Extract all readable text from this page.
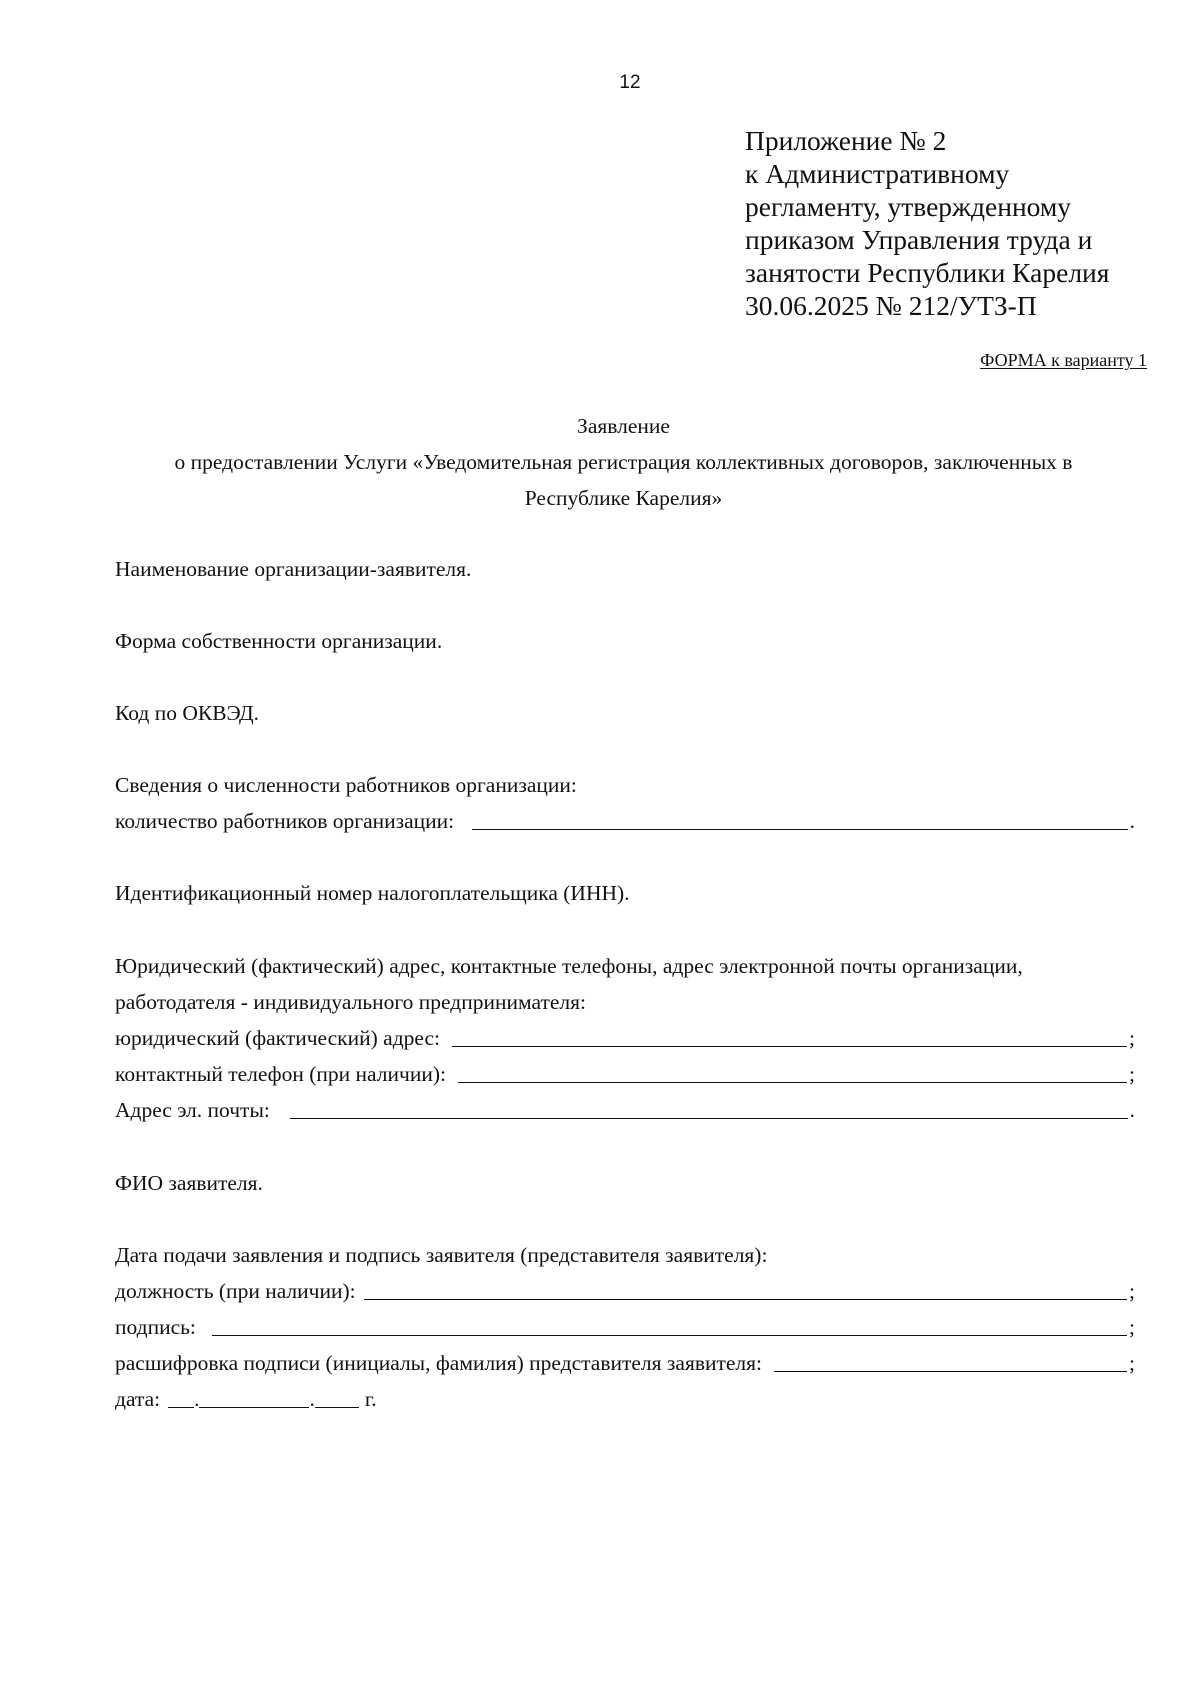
12
Приложение № 2
к Административному
регламенту, утвержденному
приказом Управления труда и
занятости Республики Карелия
30.06.2025 № 212/УТЗ-П
ФОРМА к варианту 1
Заявление
о предоставлении Услуги «Уведомительная регистрация коллективных договоров, заключенных в
Республике Карелия»
Наименование организации-заявителя.
Форма собственности организации.
Код по ОКВЭД.
Сведения о численности работников организации:
количество работников организации:	.
Идентификационный номер налогоплательщика (ИНН).
Юридический (фактический) адрес, контактные телефоны, адрес электронной почты организации,
работодателя - индивидуального предпринимателя:
юридический (фактический) адрес:	;
контактный телефон (при наличии):	;
Адрес эл. почты:	.
ФИО заявителя.
Дата подачи заявления и подпись заявителя (представителя заявителя):
должность (при наличии):	;
подпись:	;
расшифровка подписи (инициалы, фамилия) представителя заявителя:	;
дата: .	. г.
